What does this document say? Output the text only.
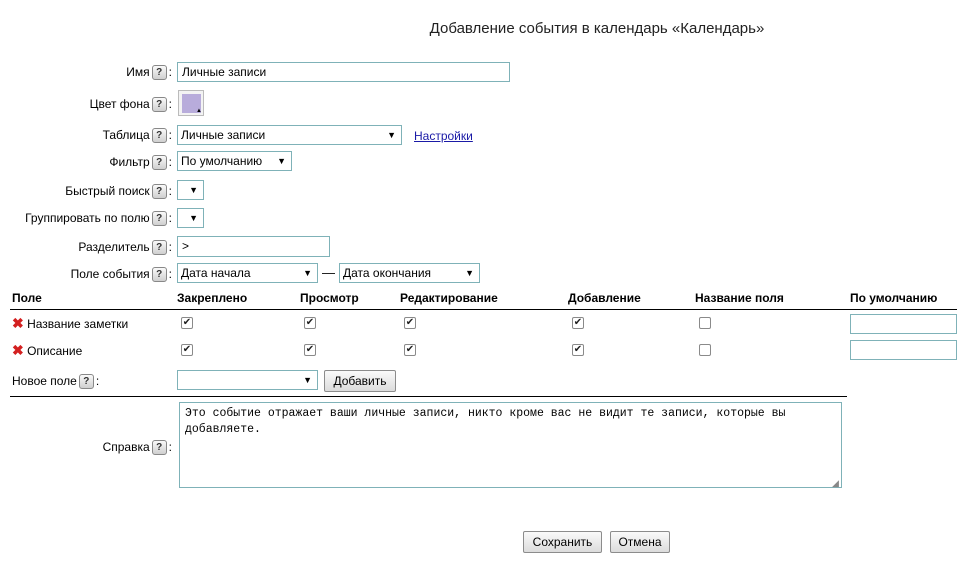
Добавление события в календарь «Календарь»
Имя ? : Личные записи
Цвет фона ? :	▲
Таблица ? : Личные записи	▼ Настройки
Фильтр ? : По умолчанию ▼
Быстрый поиск ? : ▼
Группировать по полю ? : ▼
Разделитель ? : >
Поле события ? : Дата начала	▼ — Дата окончания	▼
Поле	Закреплено	Просмотр	Редактирование	Добавление	Название поля	По умолчанию
✖ Название заметки	✔	✔	✔	✔
✖ Описание	✔	✔	✔	✔
Новое поле ? :	▼	Добавить
Справка ? :
Это событие отражает ваши личные записи, никто кроме вас не видит те записи, которые вы добавляете.
◢
Сохранить	Отмена
